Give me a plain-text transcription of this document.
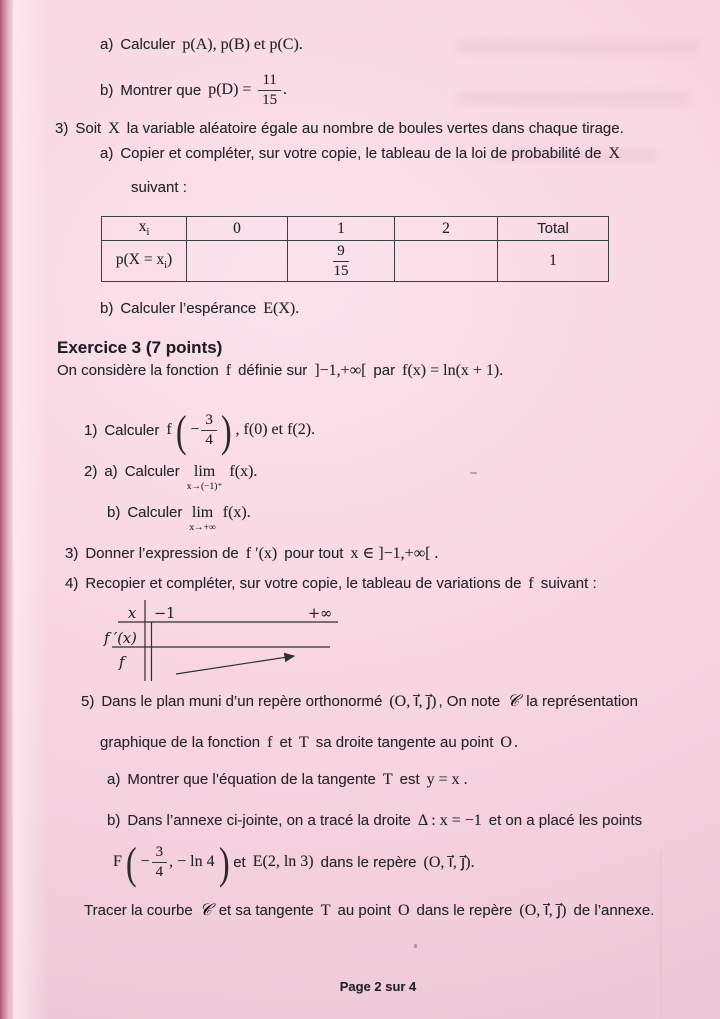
a) Calculer p(A), p(B) et p(C).
b) Montrer que $p(D) = \frac{11}{15}$ .
3) Soit X la variable aléatoire égale au nombre de boules vertes dans chaque tirage.
a) Copier et compléter, sur votre copie, le tableau de la loi de probabilité de X
suivant :
$x_i$	0	1	2	Total
$p(X = x_i)$		$\frac{9}{15}$		1
b) Calculer l’espérance E(X).
Exercice 3 (7 points)
On considère la fonction f définie sur ]−1,+∞[ par f(x) = ln(x + 1).
1) Calculer f ( − $\frac{3}{4}$ ) , f(0) et f(2).
2) a) Calculer lim
x→(−1)⁺
f(x).
b) Calculer lim
x→+∞
f(x).
3) Donner l’expression de f ′(x) pour tout x ∈ ]−1,+∞[ .
4) Recopier et compléter, sur votre copie, le tableau de variations de f suivant :
x −1	+∞
f ′(x)
f
5) Dans le plan muni d’un repère orthonormé (O, i⃗, j⃗) , On note 𝒞 la représentation
graphique de la fonction f et T sa droite tangente au point O .
a) Montrer que l’équation de la tangente T est y = x .
b) Dans l’annexe ci-jointe, on a tracé la droite Δ : x = −1 et on a placé les points
F ( − $\frac{3}{4}$ , − ln 4 ) et E(2, ln 3) dans le repère (O, i⃗, j⃗).
Tracer la courbe 𝒞 et sa tangente T au point O dans le repère (O, i⃗, j⃗) de l’annexe.
Page 2 sur 4
